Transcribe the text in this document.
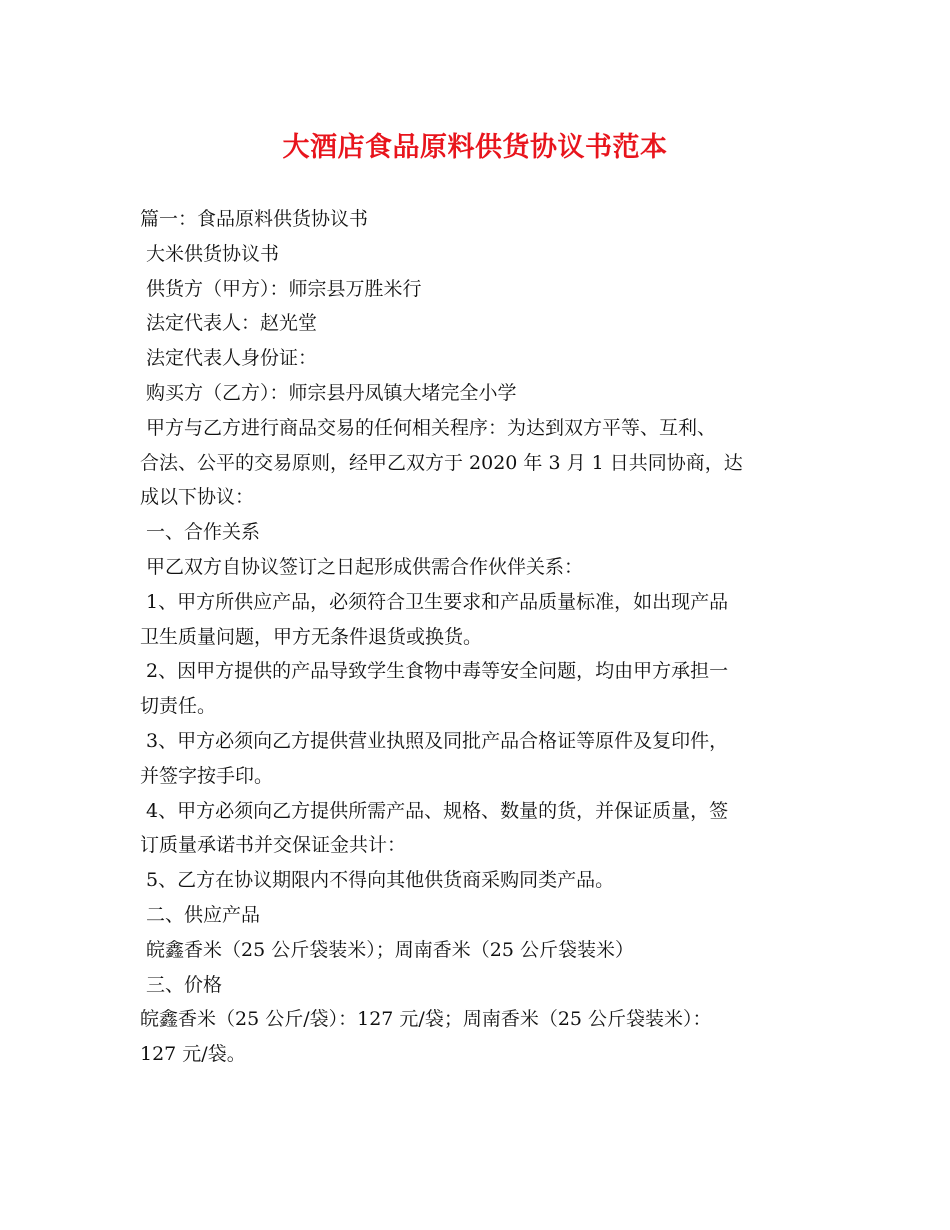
大酒店食品原料供货协议书范本
篇一：食品原料供货协议书
大米供货协议书
供货方（甲方）：师宗县万胜米行
法定代表人：赵光堂
法定代表人身份证：
购买方（乙方）：师宗县丹凤镇大堵完全小学
甲方与乙方进行商品交易的任何相关程序：为达到双方平等、互利、
合法、公平的交易原则，经甲乙双方于 2020 年 3 月 1 日共同协商，达
成以下协议：
一、合作关系
甲乙双方自协议签订之日起形成供需合作伙伴关系：
1、甲方所供应产品，必须符合卫生要求和产品质量标准，如出现产品
卫生质量问题，甲方无条件退货或换货。
2、因甲方提供的产品导致学生食物中毒等安全问题，均由甲方承担一
切责任。
3、甲方必须向乙方提供营业执照及同批产品合格证等原件及复印件，
并签字按手印。
4、甲方必须向乙方提供所需产品、规格、数量的货，并保证质量，签
订质量承诺书并交保证金共计：
5、乙方在协议期限内不得向其他供货商采购同类产品。
二、供应产品
皖鑫香米（25 公斤袋装米）；周南香米（25 公斤袋装米）
三、价格
皖鑫香米（25 公斤/袋）：127 元/袋；周南香米（25 公斤袋装米）：
127 元/袋。
